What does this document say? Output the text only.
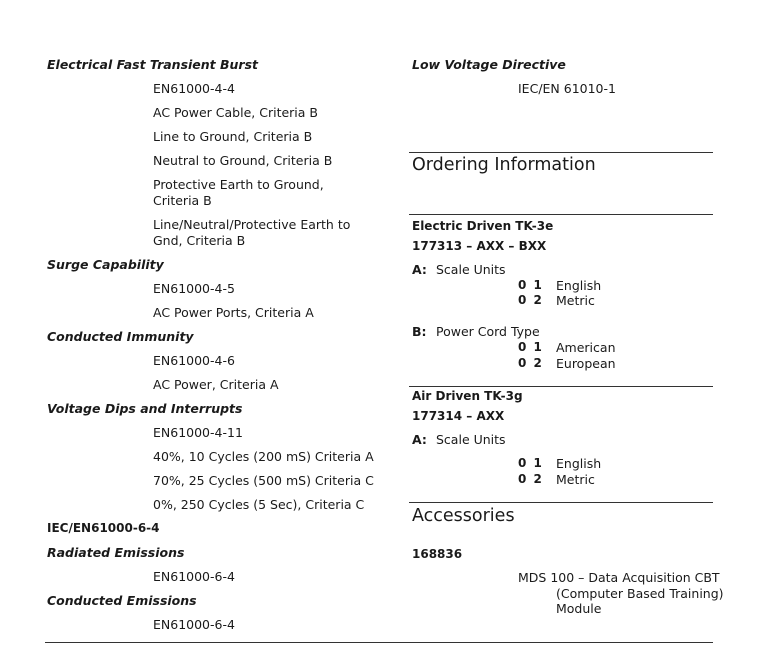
Electrical Fast Transient Burst
EN61000-4-4
AC Power Cable, Criteria B
Line to Ground, Criteria B
Neutral to Ground, Criteria B
Protective Earth to Ground,
Criteria B
Line/Neutral/Protective Earth to
Gnd, Criteria B
Surge Capability
EN61000-4-5
AC Power Ports, Criteria A
Conducted Immunity
EN61000-4-6
AC Power, Criteria A
Voltage Dips and Interrupts
EN61000-4-11
40%, 10 Cycles (200 mS) Criteria A
70%, 25 Cycles (500 mS) Criteria C
0%, 250 Cycles (5 Sec), Criteria C
IEC/EN61000-6-4
Radiated Emissions
EN61000-6-4
Conducted Emissions
EN61000-6-4
Low Voltage Directive
IEC/EN 61010-1
Ordering Information
Electric Driven TK-3e
177313 – AXX – BXX
A: Scale Units
0 1 English
0 2 Metric
B: Power Cord Type
0 1 American
0 2 European
Air Driven TK-3g
177314 – AXX
A: Scale Units
0 1 English
0 2 Metric
Accessories
168836
MDS 100 – Data Acquisition CBT
(Computer Based Training)
Module
